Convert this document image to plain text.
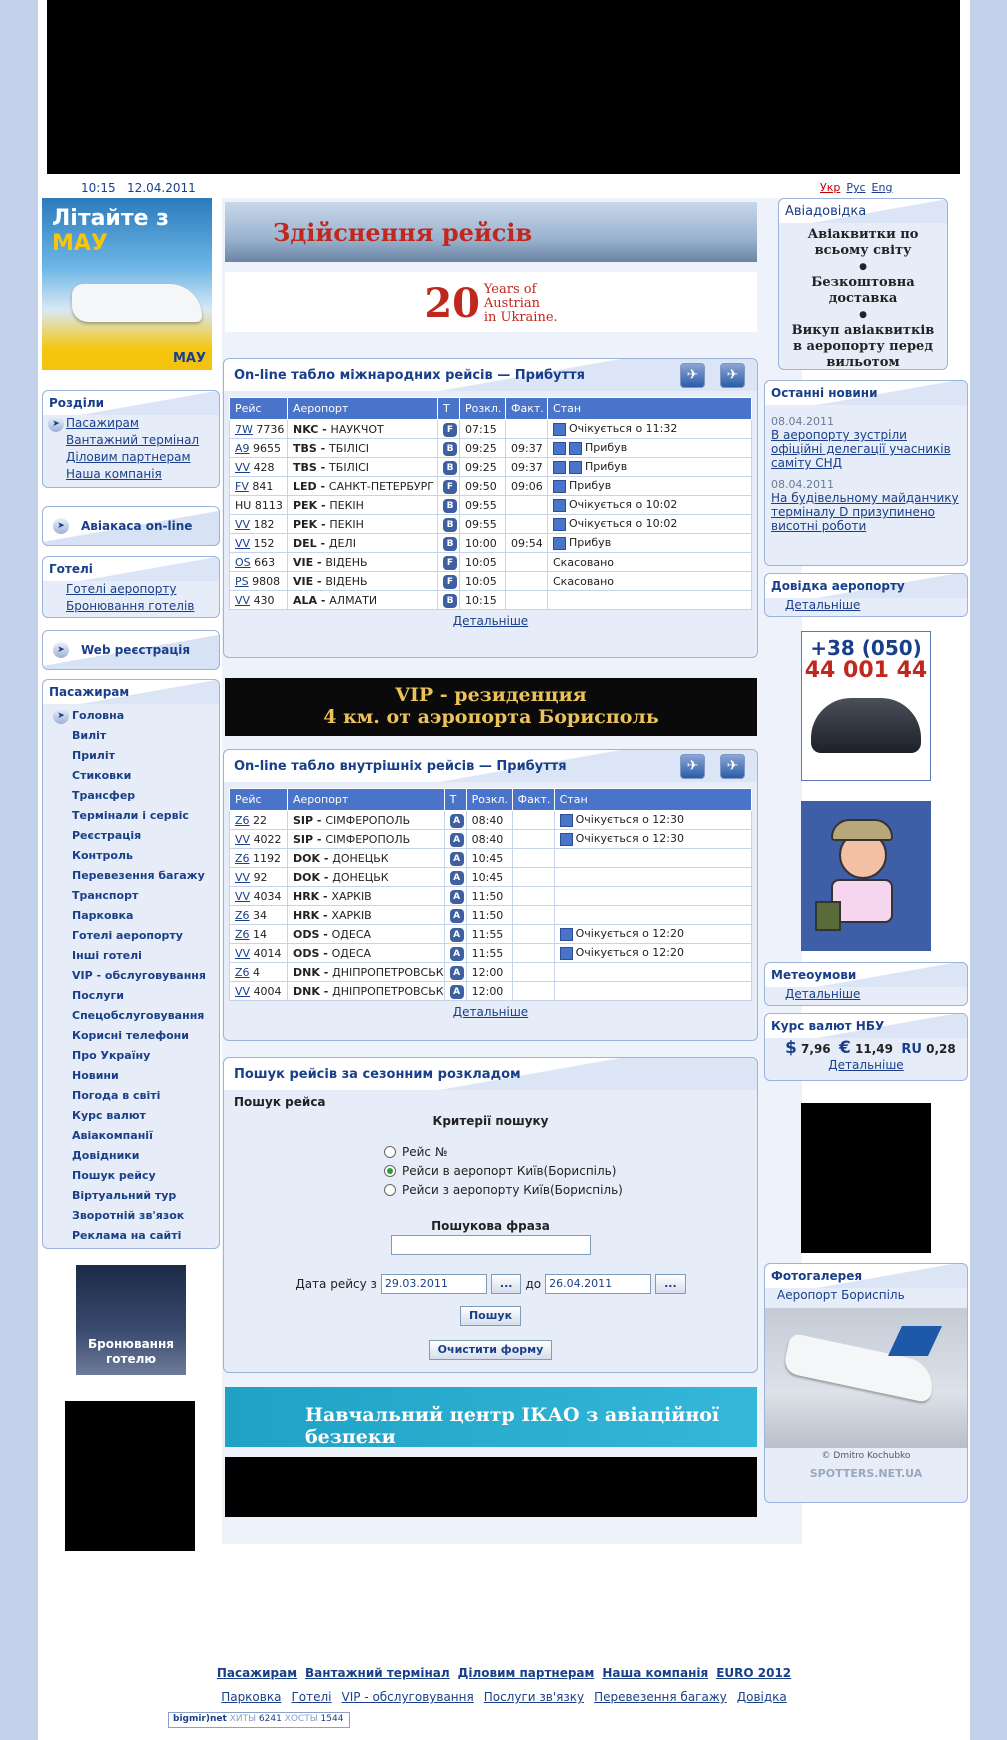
10:15 12.04.2011	Укр Рус Eng
Літайте з МАУ
МАУ
Розділи
➤ Пасажирам
Вантажний термінал
Діловим партнерам
Наша компанія
➤	Авіакаса on-line
Готелі
Готелі аеропорту
Бронювання готелів
➤	Web реєстрація
Пасажирам
➤ Головна
Виліт
Приліт
Стиковки
Трансфер
Термінали і сервіс
Реєстрація
Контроль
Перевезення багажу
Транспорт
Парковка
Готелі аеропорту
Інші готелі
VIP - обслуговування
Послуги
Спецобслуговування
Корисні телефони
Про Україну
Новини
Погода в світі
Курс валют
Авіакомпанії
Довідники
Пошук рейсу
Віртуальний тур
Зворотній зв'язок
Реклама на сайті
Бронювання готелю
Здійснення рейсів
20 Years of
Austrian
in Ukraine.
On-line табло міжнародних рейсів — Прибуття	✈	✈
Рейс	Аеропорт	Т	Розкл.	Факт.	Стан
7W 7736	NKC - НАУКЧОТ	F	07:15		Очікується о 11:32
A9 9655	TBS - ТБІЛІСІ	B	09:25	09:37	Прибув
VV 428	TBS - ТБІЛІСІ	B	09:25	09:37	Прибув
FV 841	LED - САНКТ-ПЕТЕРБУРГ	F	09:50	09:06	Прибув
HU 8113	PEK - ПЕКІН	B	09:55		Очікується о 10:02
VV 182	PEK - ПЕКІН	B	09:55		Очікується о 10:02
VV 152	DEL - ДЕЛІ	B	10:00	09:54	Прибув
OS 663	VIE - ВІДЕНЬ	F	10:05		Скасовано
PS 9808	VIE - ВІДЕНЬ	F	10:05		Скасовано
VV 430	ALA - АЛМАТИ	B	10:15		
Детальніше
VIP - резиденция
4 км. от аэропорта Борисполь
On-line табло внутрішніх рейсів — Прибуття	✈	✈
Рейс	Аеропорт	Т	Розкл.	Факт.	Стан
Z6 22	SIP - СІМФЕРОПОЛЬ	A	08:40		Очікується о 12:30
VV 4022	SIP - СІМФЕРОПОЛЬ	A	08:40		Очікується о 12:30
Z6 1192	DOK - ДОНЕЦЬК	A	10:45		
VV 92	DOK - ДОНЕЦЬК	A	10:45		
VV 4034	HRK - ХАРКІВ	A	11:50		
Z6 34	HRK - ХАРКІВ	A	11:50		
Z6 14	ODS - ОДЕСА	A	11:55		Очікується о 12:20
VV 4014	ODS - ОДЕСА	A	11:55		Очікується о 12:20
Z6 4	DNK - ДНІПРОПЕТРОВСЬК	A	12:00		
VV 4004	DNK - ДНІПРОПЕТРОВСЬК	A	12:00		
Детальніше
Пошук рейсів за сезонним розкладом
Пошук рейса
Критерії пошуку
Рейс №
Рейси в аеропорт Київ(Бориспіль)
Рейси з аеропорту Київ(Бориспіль)
Пошукова фраза
Дата рейсу з 29.03.2011	...	до 26.04.2011	...
Пошук
Очистити форму
Навчальний центр ІКАО з авіаційної безпеки
Авіадовідка
Авіаквитки по всьому світу
●
Безкоштовна доставка
●
Викуп авіаквитків в аеропорту перед вильотом
Останні новини
08.04.2011
В аеропорту зустріли офіційні делегації учасників саміту СНД
08.04.2011
На будівельному майданчику терміналу D призупинено висотні роботи
Довідка аеропорту
Детальніше
+38 (050)
44 001 44
Метеоумови
Детальніше
Курс валют НБУ
$ 7,96 € 11,49 RU 0,28
Детальніше
Фотогалерея
Аеропорт Бориспіль
© Dmitro Kochubko
SPOTTERS.NET.UA
Пасажирам Вантажний термінал Діловим партнерам Наша компанія EURO 2012
Парковка Готелі VIP - обслуговування Послуги зв'язку Перевезення багажу Довідка
ISO 9001:2000
ISO 14 001:2004
bigmir)net ХИТЫ 6241 ХОСТЫ 1544	Copyright 2008 - 2010 © Розробка сайту КВД IT Планета-плюс
